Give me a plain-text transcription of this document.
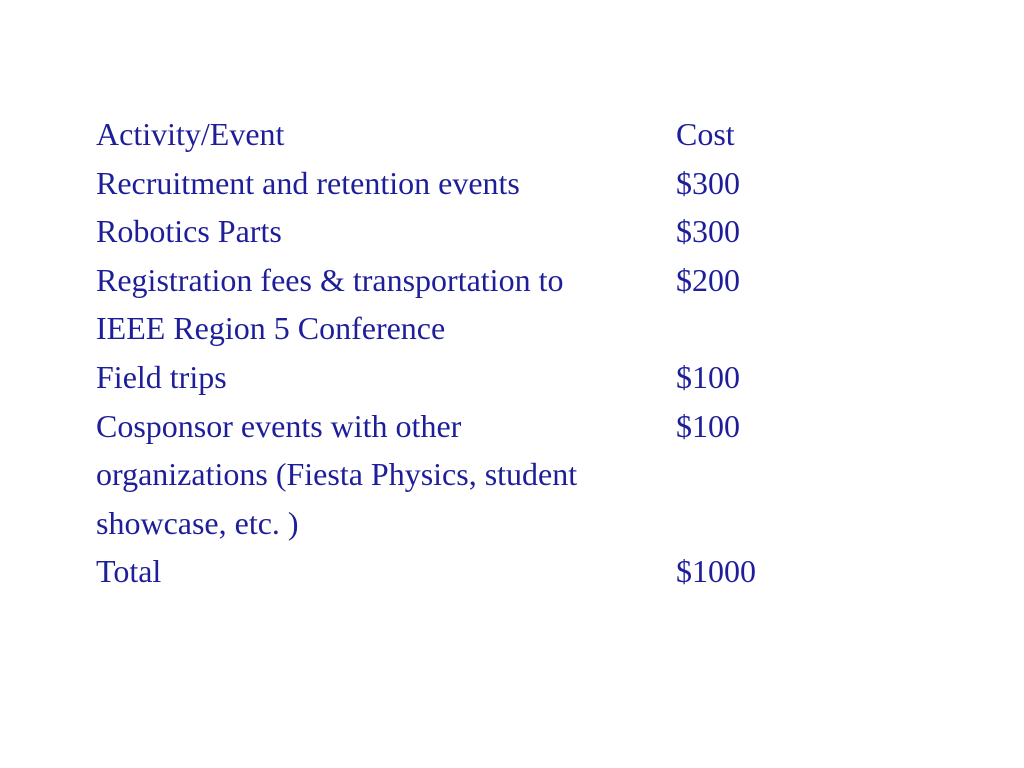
Activity/Event	Cost

Recruitment and retention events	$300

Robotics Parts	$300

Registration fees & transportation to
IEEE Region 5 Conference	$200

Field trips	$100

Cosponsor events with other
organizations (Fiesta Physics, student
showcase, etc. )	$100
Total	$1000
